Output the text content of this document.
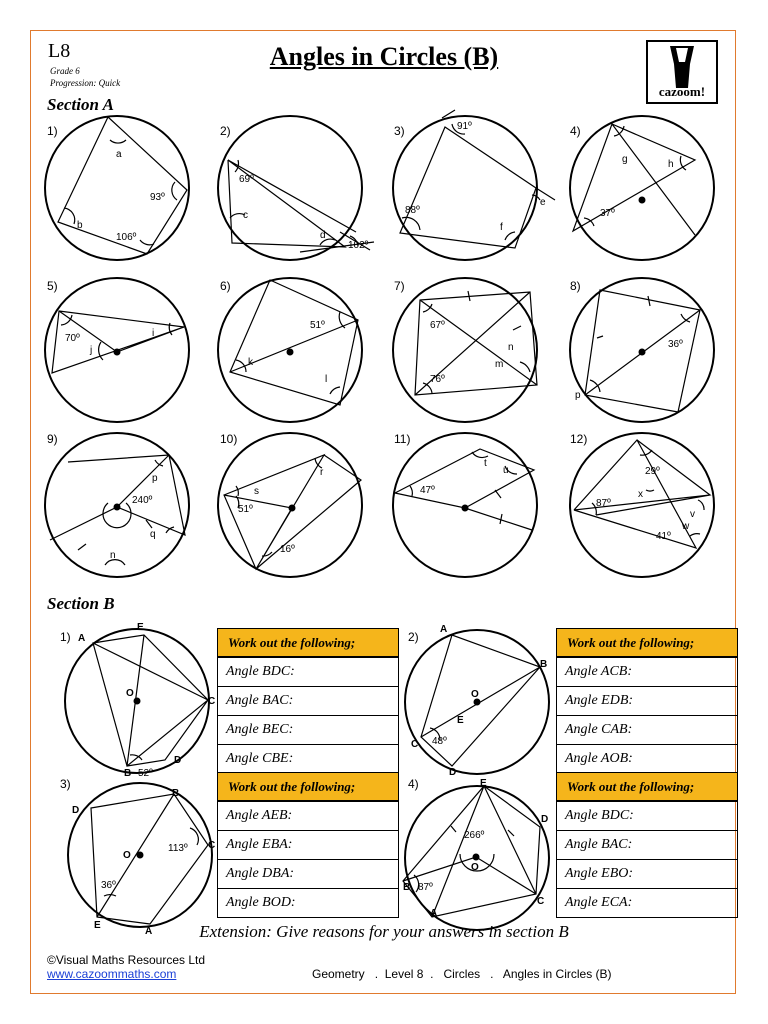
L8
Grade 6
Progression: Quick
Angles in Circles (B)
cazoom!
Section A
1)	2)	3)	4)
5)	6)	7)	8)
9)	10)	11)	12)
a
93º
b
106º
69º
c
d
102º
91º
88º
e
f
g	h
37º
70º
j
i
51º
k
l
67º
n
m
76º
36º
p
p
240º
q
n
r
s
51º
16º
t
u
47º
29º
87º
x
v
w
41º
Section B
1)	2)
3)	4)
A
E
O
C
B
D
A
B
O
E
C
D
D
B
O
C
E
A
E
D
O
B
C
A
52º
48º
113º
36º
266º
87º
Work out the following;
Angle BDC:
Angle BAC:
Angle BEC:
Angle CBE:
Work out the following;
Angle ACB:
Angle EDB:
Angle CAB:
Angle AOB:
Work out the following;
Angle AEB:
Angle EBA:
Angle DBA:
Angle BOD:
Work out the following;
Angle BDC:
Angle BAC:
Angle EBO:
Angle ECA:
Extension: Give reasons for your answers in section B
©Visual Maths Resources Ltd
www.cazoommaths.com	Geometry . Level 8 . Circles . Angles in Circles (B)
